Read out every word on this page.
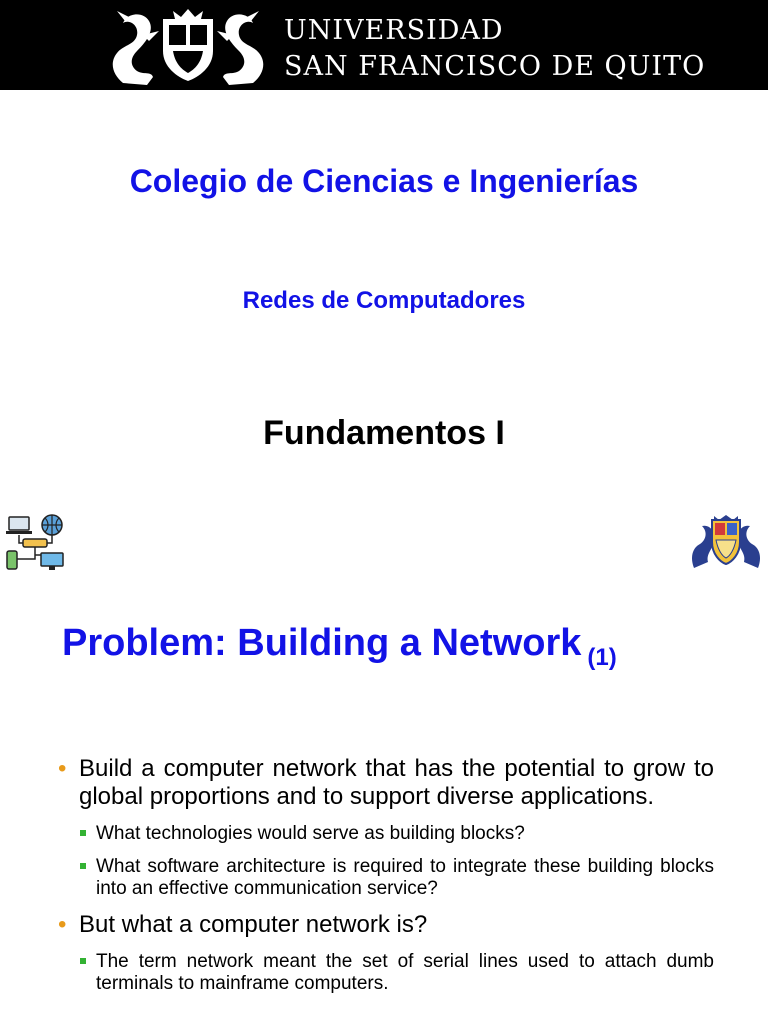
UNIVERSIDAD
SAN FRANCISCO DE QUITO
Colegio de Ciencias e Ingenierías
Redes de Computadores
Fundamentos I
Problem: Building a Network $_{(1)}$
• Build a computer network that has the potential to grow to global proportions and to support diverse applications.
What technologies would serve as building blocks?
What software architecture is required to integrate these building blocks into an effective communication service?
• But what a computer network is?
The term network meant the set of serial lines used to attach dumb terminals to mainframe computers.
